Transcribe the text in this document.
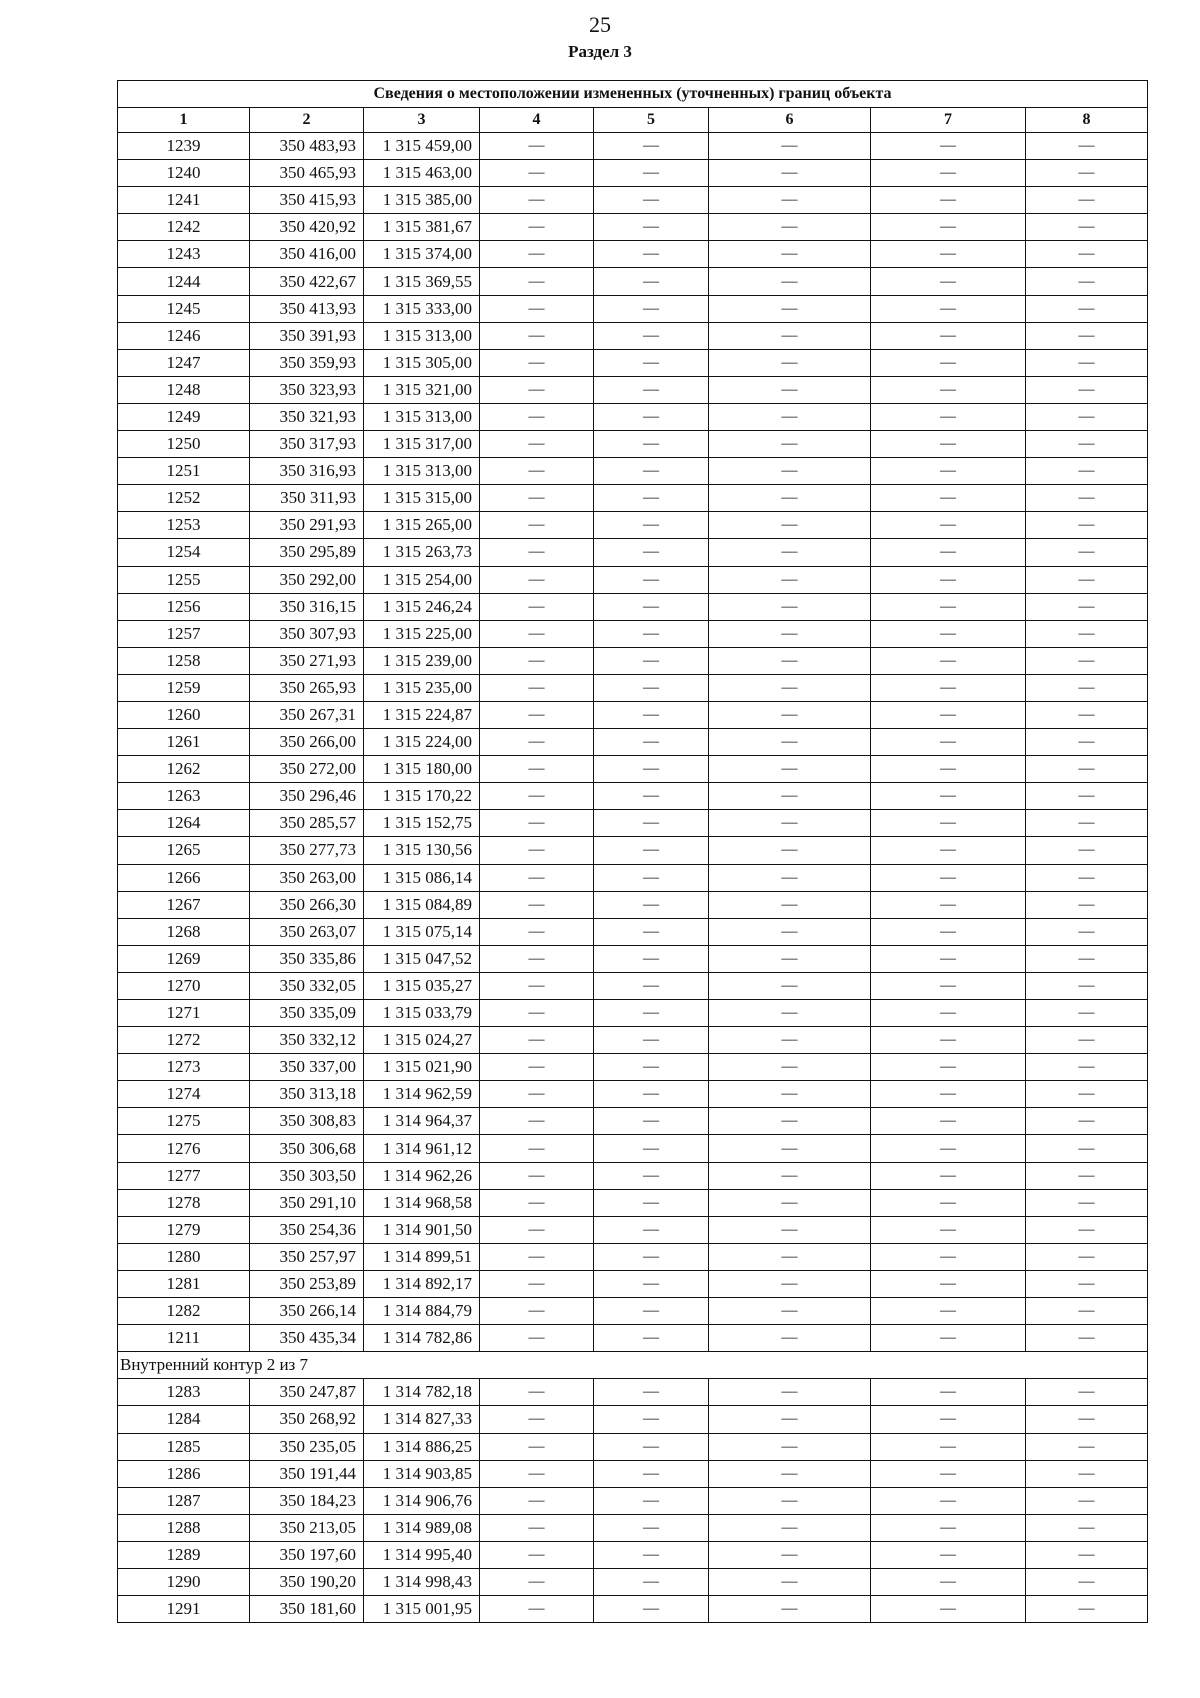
25
Раздел 3
Сведения о местоположении измененных (уточненных) границ объекта							
1	2	3	4	5	6	7	8
1239	350 483,93	1 315 459,00	—	—	—	—	—
1240	350 465,93	1 315 463,00	—	—	—	—	—
1241	350 415,93	1 315 385,00	—	—	—	—	—
1242	350 420,92	1 315 381,67	—	—	—	—	—
1243	350 416,00	1 315 374,00	—	—	—	—	—
1244	350 422,67	1 315 369,55	—	—	—	—	—
1245	350 413,93	1 315 333,00	—	—	—	—	—
1246	350 391,93	1 315 313,00	—	—	—	—	—
1247	350 359,93	1 315 305,00	—	—	—	—	—
1248	350 323,93	1 315 321,00	—	—	—	—	—
1249	350 321,93	1 315 313,00	—	—	—	—	—
1250	350 317,93	1 315 317,00	—	—	—	—	—
1251	350 316,93	1 315 313,00	—	—	—	—	—
1252	350 311,93	1 315 315,00	—	—	—	—	—
1253	350 291,93	1 315 265,00	—	—	—	—	—
1254	350 295,89	1 315 263,73	—	—	—	—	—
1255	350 292,00	1 315 254,00	—	—	—	—	—
1256	350 316,15	1 315 246,24	—	—	—	—	—
1257	350 307,93	1 315 225,00	—	—	—	—	—
1258	350 271,93	1 315 239,00	—	—	—	—	—
1259	350 265,93	1 315 235,00	—	—	—	—	—
1260	350 267,31	1 315 224,87	—	—	—	—	—
1261	350 266,00	1 315 224,00	—	—	—	—	—
1262	350 272,00	1 315 180,00	—	—	—	—	—
1263	350 296,46	1 315 170,22	—	—	—	—	—
1264	350 285,57	1 315 152,75	—	—	—	—	—
1265	350 277,73	1 315 130,56	—	—	—	—	—
1266	350 263,00	1 315 086,14	—	—	—	—	—
1267	350 266,30	1 315 084,89	—	—	—	—	—
1268	350 263,07	1 315 075,14	—	—	—	—	—
1269	350 335,86	1 315 047,52	—	—	—	—	—
1270	350 332,05	1 315 035,27	—	—	—	—	—
1271	350 335,09	1 315 033,79	—	—	—	—	—
1272	350 332,12	1 315 024,27	—	—	—	—	—
1273	350 337,00	1 315 021,90	—	—	—	—	—
1274	350 313,18	1 314 962,59	—	—	—	—	—
1275	350 308,83	1 314 964,37	—	—	—	—	—
1276	350 306,68	1 314 961,12	—	—	—	—	—
1277	350 303,50	1 314 962,26	—	—	—	—	—
1278	350 291,10	1 314 968,58	—	—	—	—	—
1279	350 254,36	1 314 901,50	—	—	—	—	—
1280	350 257,97	1 314 899,51	—	—	—	—	—
1281	350 253,89	1 314 892,17	—	—	—	—	—
1282	350 266,14	1 314 884,79	—	—	—	—	—
1211	350 435,34	1 314 782,86	—	—	—	—	—
Внутренний контур 2 из 7							
1283	350 247,87	1 314 782,18	—	—	—	—	—
1284	350 268,92	1 314 827,33	—	—	—	—	—
1285	350 235,05	1 314 886,25	—	—	—	—	—
1286	350 191,44	1 314 903,85	—	—	—	—	—
1287	350 184,23	1 314 906,76	—	—	—	—	—
1288	350 213,05	1 314 989,08	—	—	—	—	—
1289	350 197,60	1 314 995,40	—	—	—	—	—
1290	350 190,20	1 314 998,43	—	—	—	—	—
1291	350 181,60	1 315 001,95	—	—	—	—	—
